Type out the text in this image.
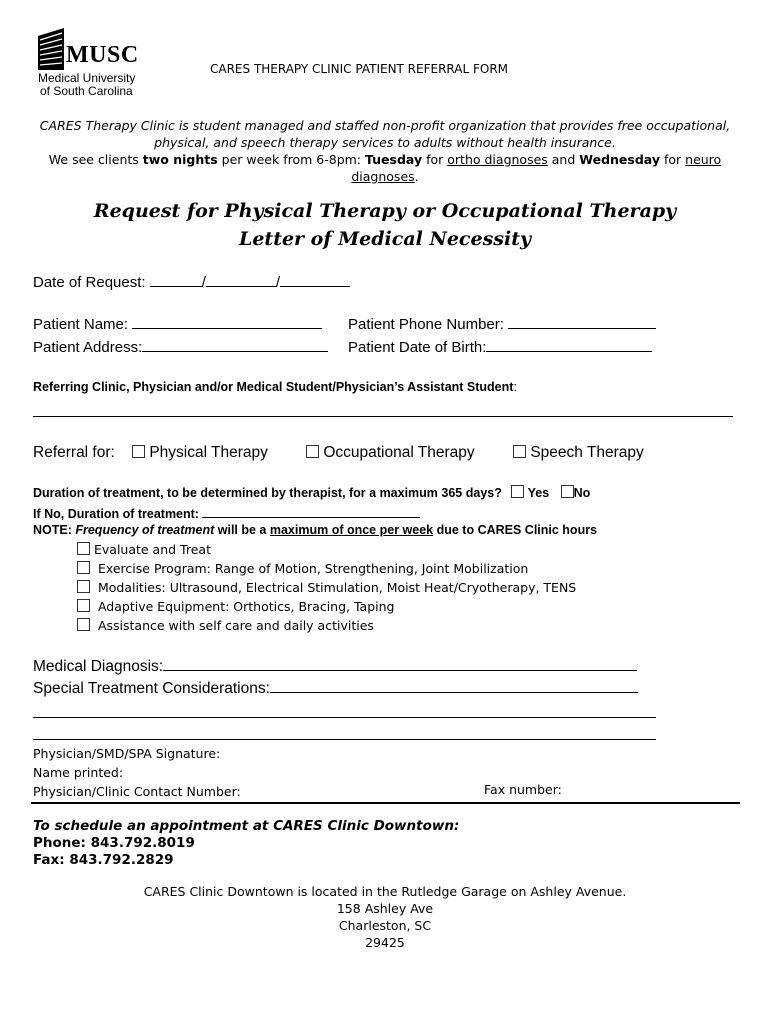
MUSC
Medical University
of South Carolina
CARES THERAPY CLINIC PATIENT REFERRAL FORM
CARES Therapy Clinic is student managed and staffed non-profit organization that provides free occupational,
physical, and speech therapy services to adults without health insurance.
We see clients two nights per week from 6-8pm: Tuesday for ortho diagnoses and Wednesday for neuro
diagnoses.
Request for Physical Therapy or Occupational Therapy
Letter of Medical Necessity
Date of Request:	/	/
Patient Name:	Patient Phone Number:
Patient Address:	Patient Date of Birth:
Referring Clinic, Physician and/or Medical Student/Physician’s Assistant Student:
Referral for:	Physical Therapy	Occupational Therapy	Speech Therapy
Duration of treatment, to be determined by therapist, for a maximum 365 days? Yes No
If No, Duration of treatment:
NOTE: Frequency of treatment will be a maximum of once per week due to CARES Clinic hours
Evaluate and Treat
Exercise Program: Range of Motion, Strengthening, Joint Mobilization
Modalities: Ultrasound, Electrical Stimulation, Moist Heat/Cryotherapy, TENS
Adaptive Equipment: Orthotics, Bracing, Taping
Assistance with self care and daily activities
Medical Diagnosis:
Special Treatment Considerations:
Physician/SMD/SPA Signature:
Name printed:
Physician/Clinic Contact Number:	Fax number:
To schedule an appointment at CARES Clinic Downtown:
Phone: 843.792.8019
Fax: 843.792.2829
CARES Clinic Downtown is located in the Rutledge Garage on Ashley Avenue.
158 Ashley Ave
Charleston, SC
29425
